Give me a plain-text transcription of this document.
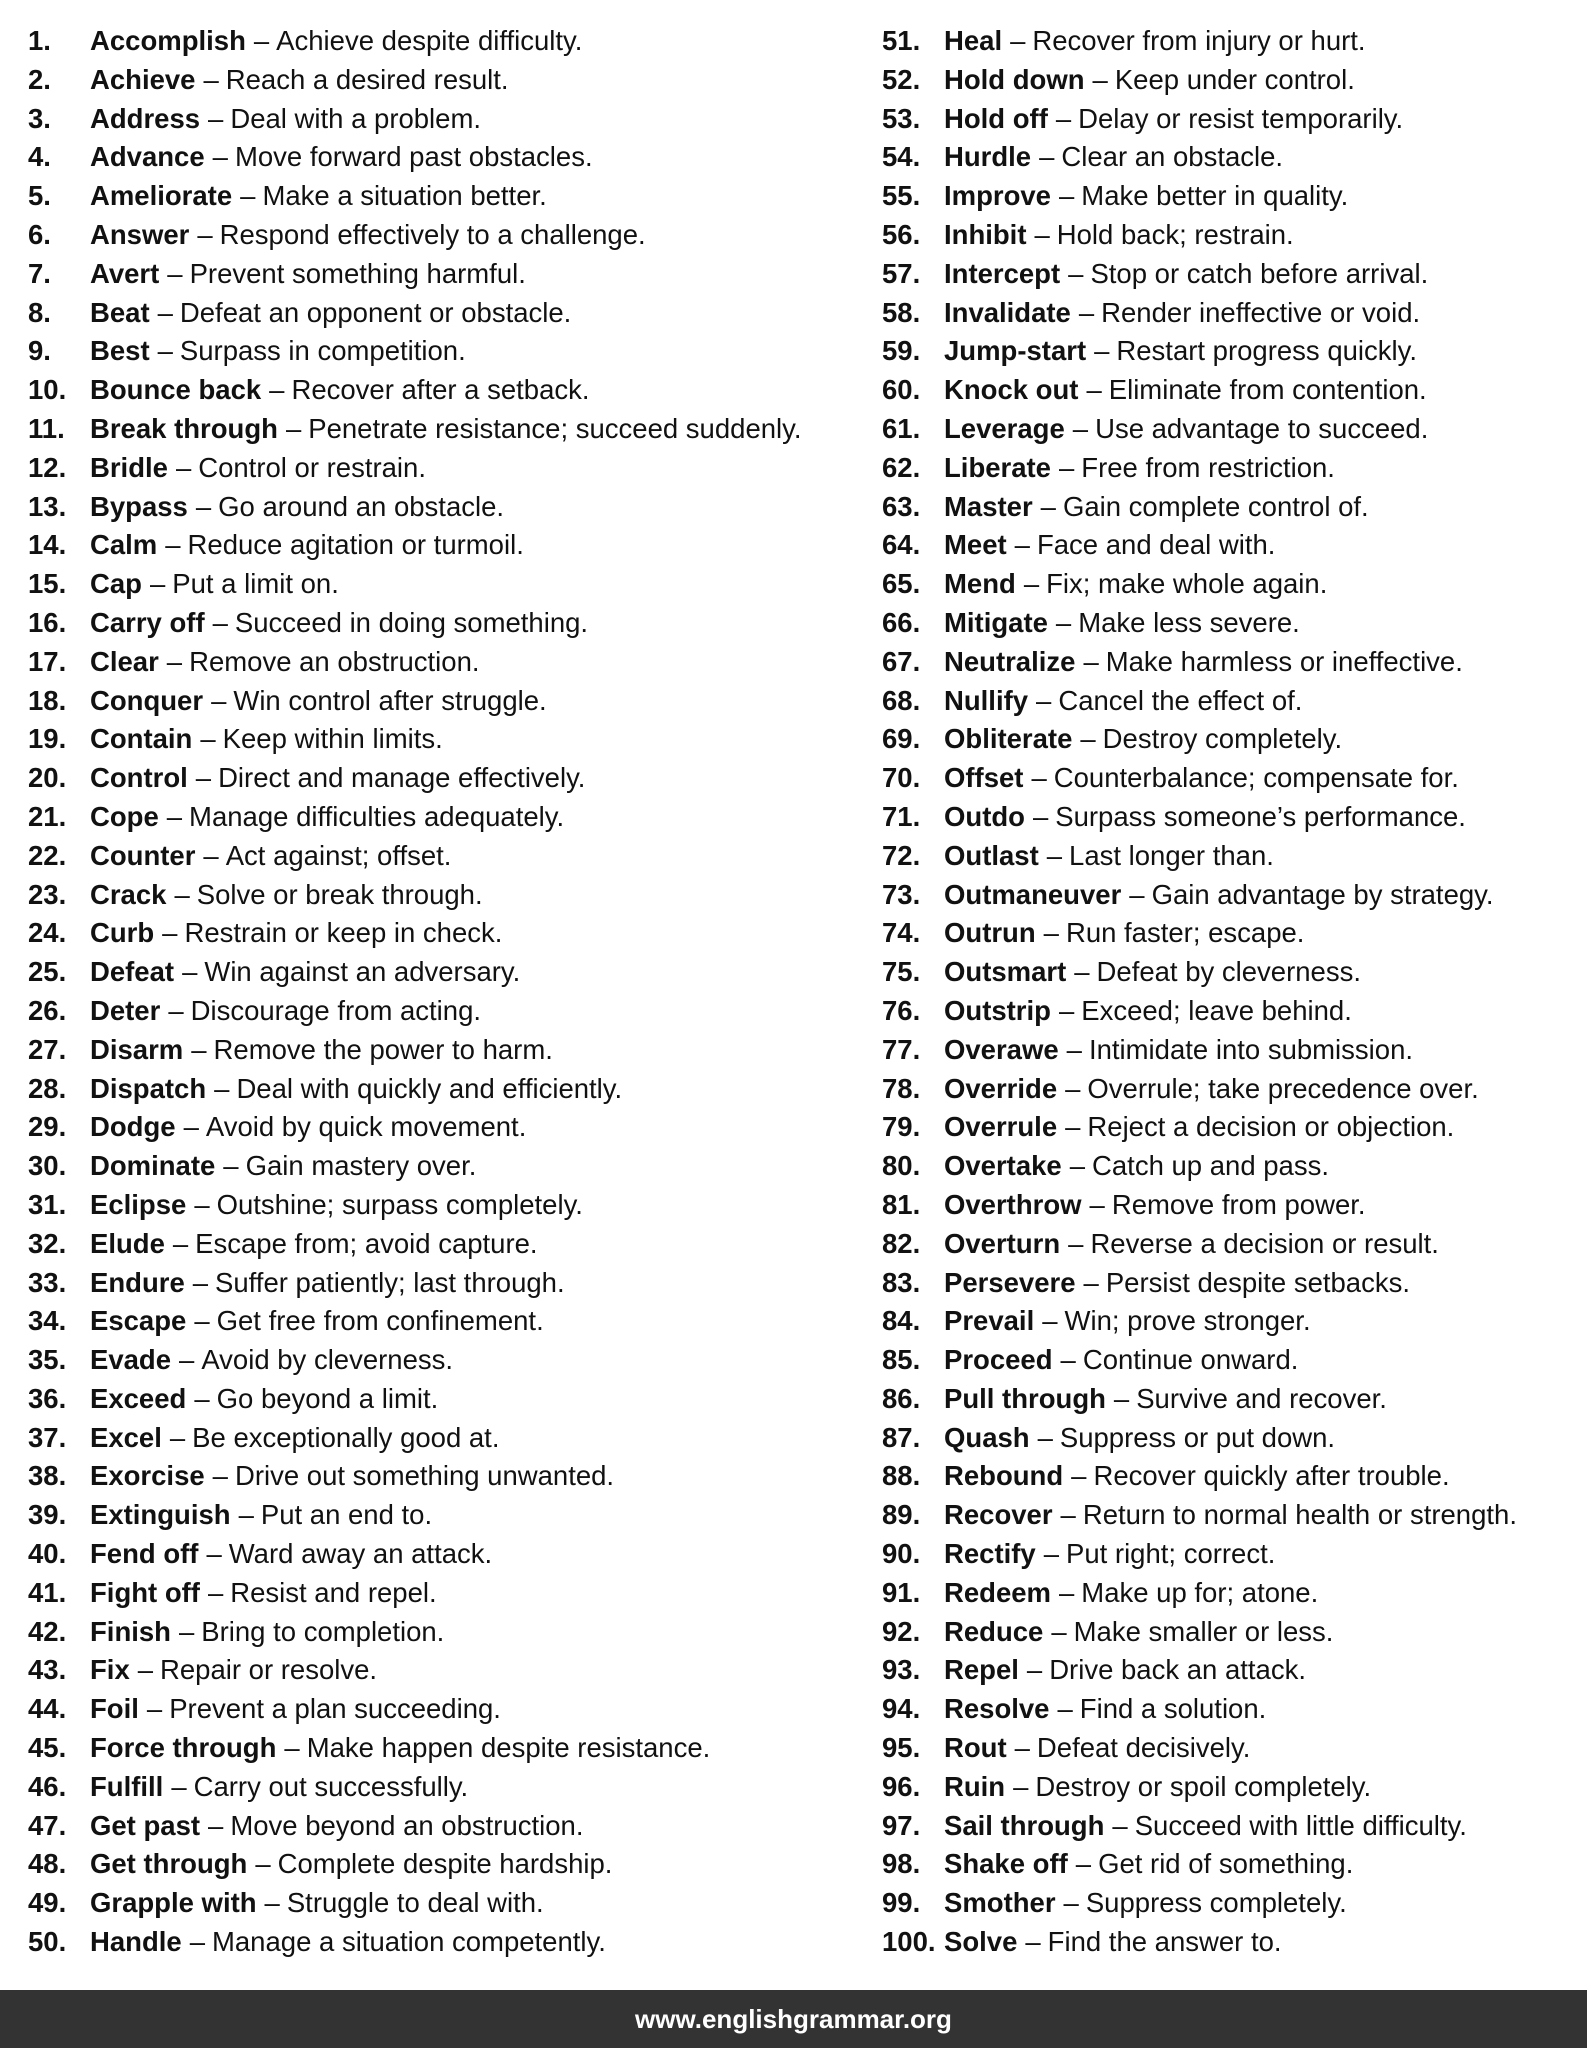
1.	Accomplish – Achieve despite difficulty.
2.	Achieve – Reach a desired result.
3.	Address – Deal with a problem.
4.	Advance – Move forward past obstacles.
5.	Ameliorate – Make a situation better.
6.	Answer – Respond effectively to a challenge.
7.	Avert – Prevent something harmful.
8.	Beat – Defeat an opponent or obstacle.
9.	Best – Surpass in competition.
10. Bounce back – Recover after a setback.
11. Break through – Penetrate resistance; succeed suddenly.
12. Bridle – Control or restrain.
13. Bypass – Go around an obstacle.
14. Calm – Reduce agitation or turmoil.
15. Cap – Put a limit on.
16. Carry off – Succeed in doing something.
17. Clear – Remove an obstruction.
18. Conquer – Win control after struggle.
19. Contain – Keep within limits.
20. Control – Direct and manage effectively.
21. Cope – Manage difficulties adequately.
22. Counter – Act against; offset.
23. Crack – Solve or break through.
24. Curb – Restrain or keep in check.
25. Defeat – Win against an adversary.
26. Deter – Discourage from acting.
27. Disarm – Remove the power to harm.
28. Dispatch – Deal with quickly and efficiently.
29. Dodge – Avoid by quick movement.
30. Dominate – Gain mastery over.
31. Eclipse – Outshine; surpass completely.
32. Elude – Escape from; avoid capture.
33. Endure – Suffer patiently; last through.
34. Escape – Get free from confinement.
35. Evade – Avoid by cleverness.
36. Exceed – Go beyond a limit.
37. Excel – Be exceptionally good at.
38. Exorcise – Drive out something unwanted.
39. Extinguish – Put an end to.
40. Fend off – Ward away an attack.
41. Fight off – Resist and repel.
42. Finish – Bring to completion.
43. Fix – Repair or resolve.
44. Foil – Prevent a plan succeeding.
45. Force through – Make happen despite resistance.
46. Fulfill – Carry out successfully.
47. Get past – Move beyond an obstruction.
48. Get through – Complete despite hardship.
49. Grapple with – Struggle to deal with.
50. Handle – Manage a situation competently.
51. Heal – Recover from injury or hurt.
52. Hold down – Keep under control.
53. Hold off – Delay or resist temporarily.
54. Hurdle – Clear an obstacle.
55. Improve – Make better in quality.
56. Inhibit – Hold back; restrain.
57. Intercept – Stop or catch before arrival.
58. Invalidate – Render ineffective or void.
59. Jump-start – Restart progress quickly.
60. Knock out – Eliminate from contention.
61. Leverage – Use advantage to succeed.
62. Liberate – Free from restriction.
63. Master – Gain complete control of.
64. Meet – Face and deal with.
65. Mend – Fix; make whole again.
66. Mitigate – Make less severe.
67. Neutralize – Make harmless or ineffective.
68. Nullify – Cancel the effect of.
69. Obliterate – Destroy completely.
70. Offset – Counterbalance; compensate for.
71. Outdo – Surpass someone’s performance.
72. Outlast – Last longer than.
73. Outmaneuver – Gain advantage by strategy.
74. Outrun – Run faster; escape.
75. Outsmart – Defeat by cleverness.
76. Outstrip – Exceed; leave behind.
77. Overawe – Intimidate into submission.
78. Override – Overrule; take precedence over.
79. Overrule – Reject a decision or objection.
80. Overtake – Catch up and pass.
81. Overthrow – Remove from power.
82. Overturn – Reverse a decision or result.
83. Persevere – Persist despite setbacks.
84. Prevail – Win; prove stronger.
85. Proceed – Continue onward.
86. Pull through – Survive and recover.
87. Quash – Suppress or put down.
88. Rebound – Recover quickly after trouble.
89. Recover – Return to normal health or strength.
90. Rectify – Put right; correct.
91. Redeem – Make up for; atone.
92. Reduce – Make smaller or less.
93. Repel – Drive back an attack.
94. Resolve – Find a solution.
95. Rout – Defeat decisively.
96. Ruin – Destroy or spoil completely.
97. Sail through – Succeed with little difficulty.
98. Shake off – Get rid of something.
99. Smother – Suppress completely.
100. Solve – Find the answer to.
www.englishgrammar.org
